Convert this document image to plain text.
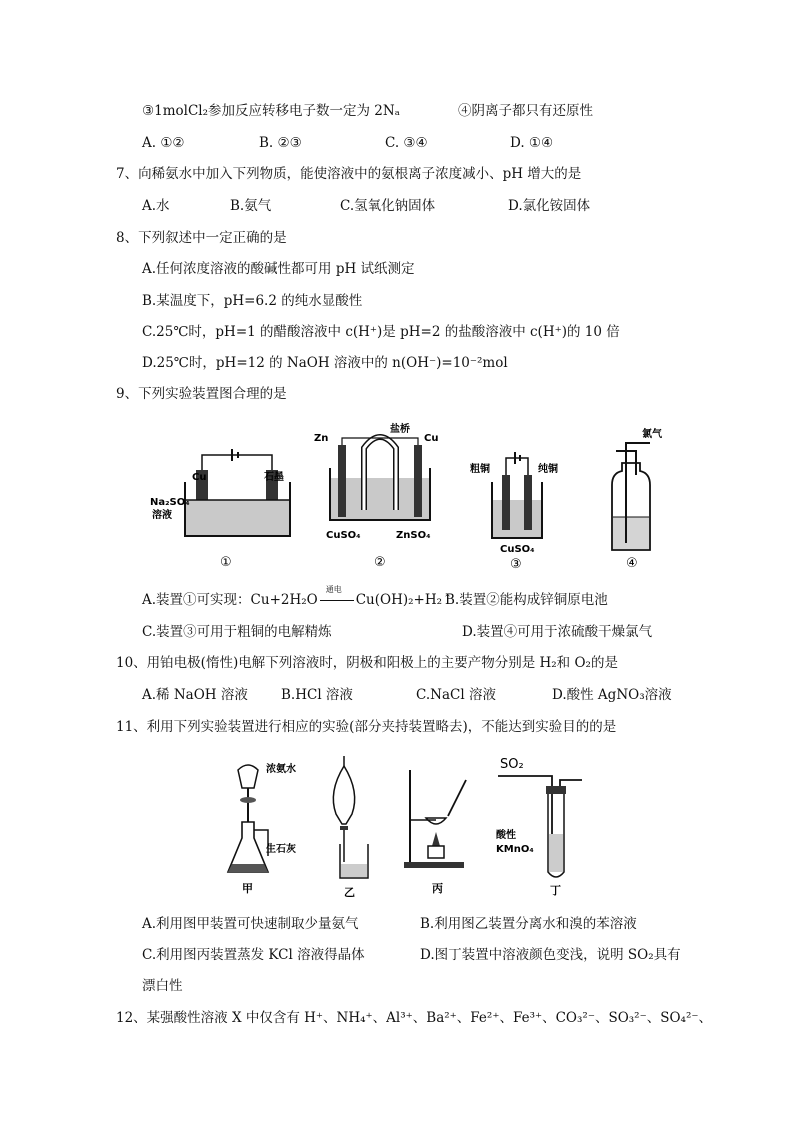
③1molCl₂参加反应转移电子数一定为 2Nₐ	④阴离子都只有还原性
A. ①②	B. ②③	C. ③④	D. ①④
7、向稀氨水中加入下列物质，能使溶液中的氨根离子浓度减小、pH 增大的是
A.水	B.氨气	C.氢氧化钠固体	D.氯化铵固体
8、下列叙述中一定正确的是
A.任何浓度溶液的酸碱性都可用 pH 试纸测定
B.某温度下，pH=6.2 的纯水显酸性
C.25℃时，pH=1 的醋酸溶液中 c(H⁺)是 pH=2 的盐酸溶液中 c(H⁺)的 10 倍
D.25℃时，pH=12 的 NaOH 溶液中的 n(OH⁻)=10⁻²mol
9、下列实验装置图合理的是
Cu	石墨
Na₂SO₄
溶液
①
Zn
盐桥
Cu
CuSO₄	ZnSO₄
②
粗铜	纯铜
CuSO₄
③
氯气
④
A.装置①可实现：Cu+2H₂O
通电
Cu(OH)₂+H₂↑
B.装置②能构成锌铜原电池
C.装置③可用于粗铜的电解精炼	D.装置④可用于浓硫酸干燥氯气
10、用铂电极(惰性)电解下列溶液时，阴极和阳极上的主要产物分别是 H₂和 O₂的是
A.稀 NaOH 溶液 B.HCl 溶液	C.NaCl 溶液	D.酸性 AgNO₃溶液
11、利用下列实验装置进行相应的实验(部分夹持装置略去)，不能达到实验目的的是
浓氨水
生石灰
甲	乙	丙
SO₂
酸性
KMnO₄
丁
A.利用图甲装置可快速制取少量氨气	B.利用图乙装置分离水和溴的苯溶液
C.利用图丙装置蒸发 KCl 溶液得晶体	D.图丁装置中溶液颜色变浅，说明 SO₂具有
漂白性
12、某强酸性溶液 X 中仅含有 H⁺、NH₄⁺、Al³⁺、Ba²⁺、Fe²⁺、Fe³⁺、CO₃²⁻、SO₃²⁻、SO₄²⁻、
